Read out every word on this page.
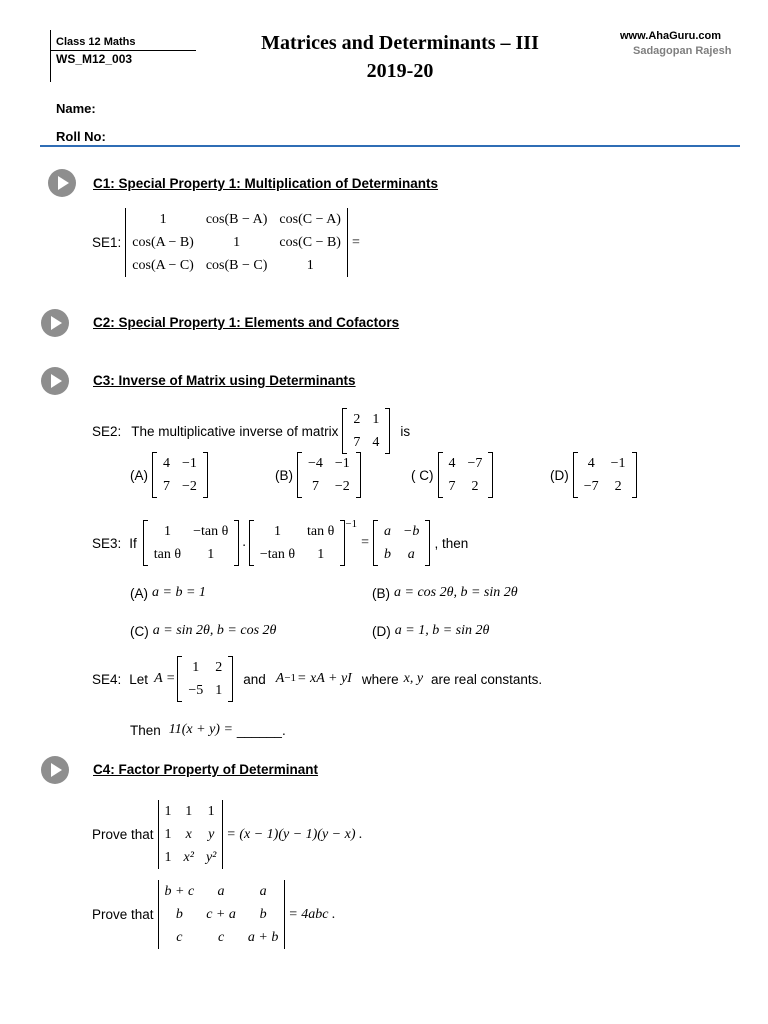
Class 12 Maths
WS_M12_003
Matrices and Determinants – III
2019-20
www.AhaGuru.com
Sadagopan Rajesh
Name:
Roll No:
C1: Special Property 1: Multiplication of Determinants
SE1:
1	cos(B − A)	cos(C − A)
cos(A − B)	1	cos(C − B)
cos(A − C)	cos(B − C)	1
=
C2: Special Property 1: Elements and Cofactors
C3: Inverse of Matrix using Determinants
SE2: The multiplicative inverse of matrix
2	1
7	4
is
(A)
4	−1
7	−2
(B)
−4	−1
7	−2
( C)
4	−7
7	2
(D)
4	−1
−7	2
SE3: If
1	−tan θ
tan θ	1
.
1	tan θ
−tan θ	1
−1
=
a	−b
b	a
, then
(A) a = b = 1	(B) a = cos 2θ, b = sin 2θ
(C) a = sin 2θ, b = cos 2θ	(D) a = 1, b = sin 2θ
SE4: Let A =
1	2
−5	1
and A −1 = xA + yI where x, y are real constants.
Then 11(x + y) = ______.
C4: Factor Property of Determinant
Prove that
1	1	1
1	x	y
1	x²	y²
= (x − 1)(y − 1)(y − x) .
Prove that
b + c	a	a
b	c + a	b
c	c	a + b
= 4abc .
